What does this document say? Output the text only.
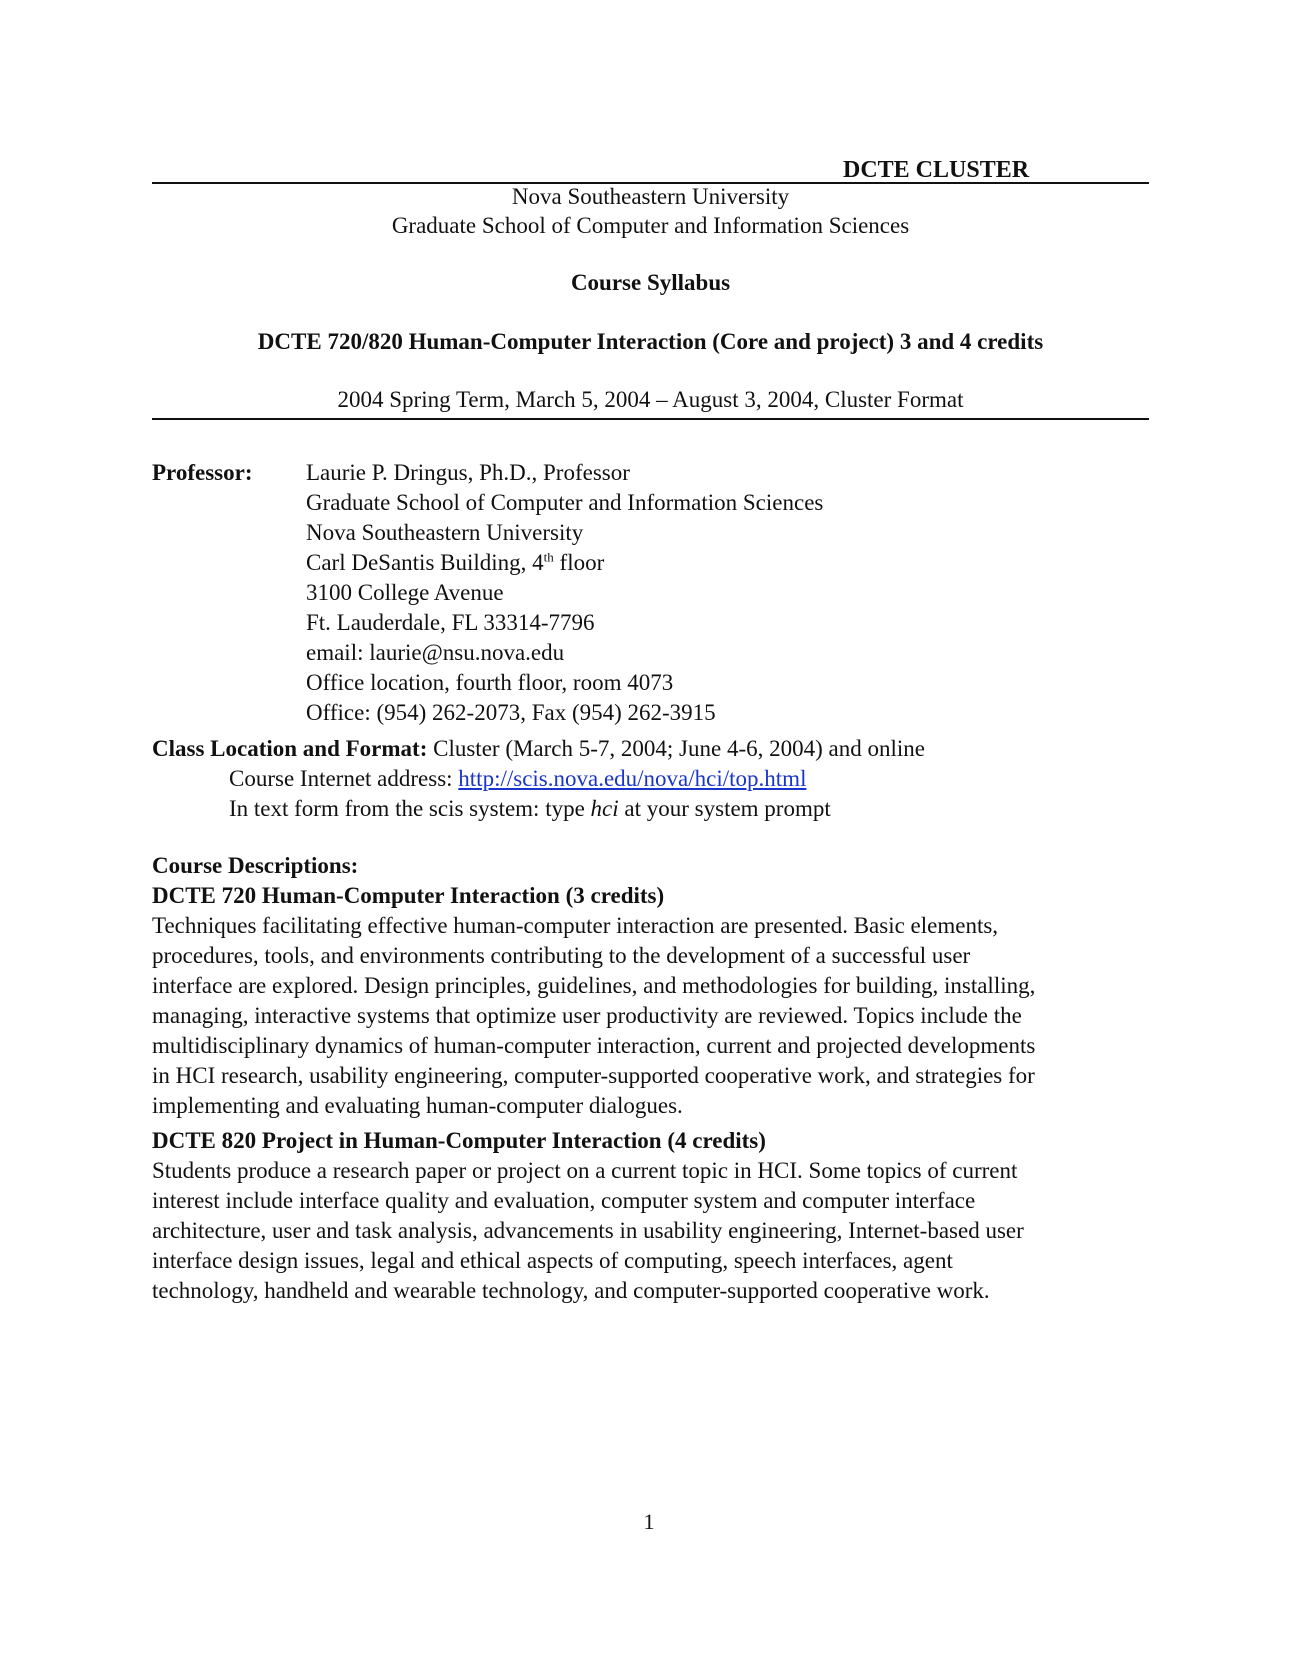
DCTE CLUSTER
Nova Southeastern University
Graduate School of Computer and Information Sciences
Course Syllabus
DCTE 720/820 Human-Computer Interaction (Core and project) 3 and 4 credits
2004 Spring Term, March 5, 2004 – August 3, 2004, Cluster Format
Professor: Laurie P. Dringus, Ph.D., Professor
Graduate School of Computer and Information Sciences
Nova Southeastern University
Carl DeSantis Building, 4th floor
3100 College Avenue
Ft. Lauderdale, FL 33314-7796
email: laurie@nsu.nova.edu
Office location, fourth floor, room 4073
Office: (954) 262-2073, Fax (954) 262-3915
Class Location and Format: Cluster (March 5-7, 2004; June 4-6, 2004) and online
Course Internet address: http://scis.nova.edu/nova/hci/top.html
In text form from the scis system: type hci at your system prompt
Course Descriptions:
DCTE 720 Human-Computer Interaction (3 credits)
Techniques facilitating effective human-computer interaction are presented. Basic elements,
procedures, tools, and environments contributing to the development of a successful user
interface are explored. Design principles, guidelines, and methodologies for building, installing,
managing, interactive systems that optimize user productivity are reviewed. Topics include the
multidisciplinary dynamics of human-computer interaction, current and projected developments
in HCI research, usability engineering, computer-supported cooperative work, and strategies for
implementing and evaluating human-computer dialogues.
DCTE 820 Project in Human-Computer Interaction (4 credits)
Students produce a research paper or project on a current topic in HCI. Some topics of current
interest include interface quality and evaluation, computer system and computer interface
architecture, user and task analysis, advancements in usability engineering, Internet-based user
interface design issues, legal and ethical aspects of computing, speech interfaces, agent
technology, handheld and wearable technology, and computer-supported cooperative work.
1
